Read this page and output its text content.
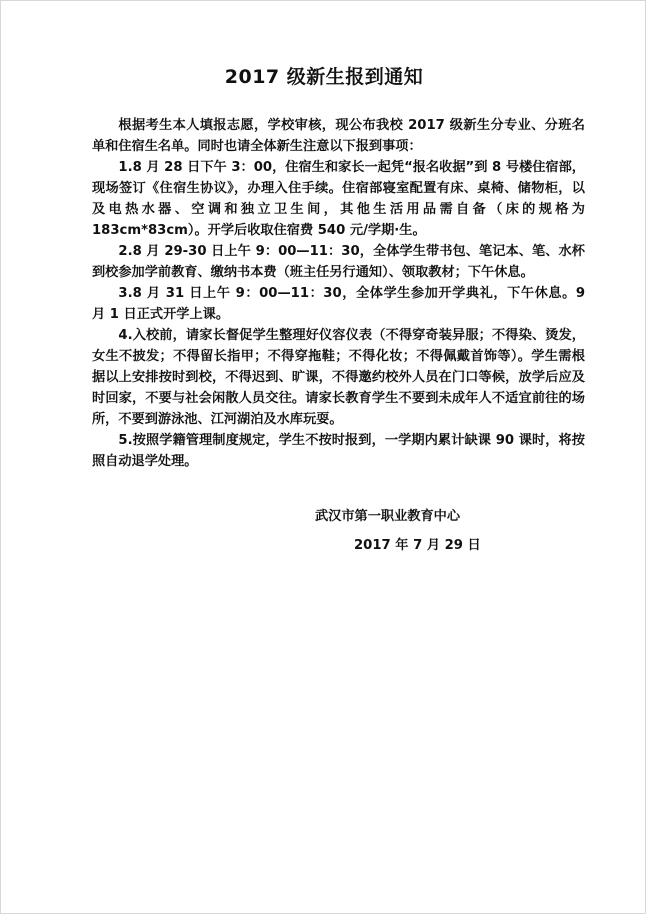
2017 级新生报到通知

根据考生本人填报志愿，学校审核，现公布我校 2017 级新生分专业、分班名单和住宿生名单。同时也请全体新生注意以下报到事项：

1.8 月 28 日下午 3：00，住宿生和家长一起凭“报名收据”到 8 号楼住宿部，现场签订《住宿生协议》，办理入住手续。住宿部寝室配置有床、桌椅、储物柜，以及电热水器、空调和独立卫生间，其他生活用品需自备（床的规格为 183cm*83cm）。开学后收取住宿费 540 元/学期·生。

2.8 月 29-30 日上午 9：00—11：30，全体学生带书包、笔记本、笔、水杯到校参加学前教育、缴纳书本费（班主任另行通知）、领取教材；下午休息。

3.8 月 31 日上午 9：00—11：30，全体学生参加开学典礼，下午休息。9 月 1 日正式开学上课。

4.入校前，请家长督促学生整理好仪容仪表（不得穿奇装异服；不得染、烫发，女生不披发；不得留长指甲；不得穿拖鞋；不得化妆；不得佩戴首饰等）。学生需根据以上安排按时到校，不得迟到、旷课，不得邀约校外人员在门口等候，放学后应及时回家，不要与社会闲散人员交往。请家长教育学生不要到未成年人不适宜前往的场所，不要到游泳池、江河湖泊及水库玩耍。

5.按照学籍管理制度规定，学生不按时报到，一学期内累计缺课 90 课时，将按照自动退学处理。

武汉市第一职业教育中心
2017 年 7 月 29 日
